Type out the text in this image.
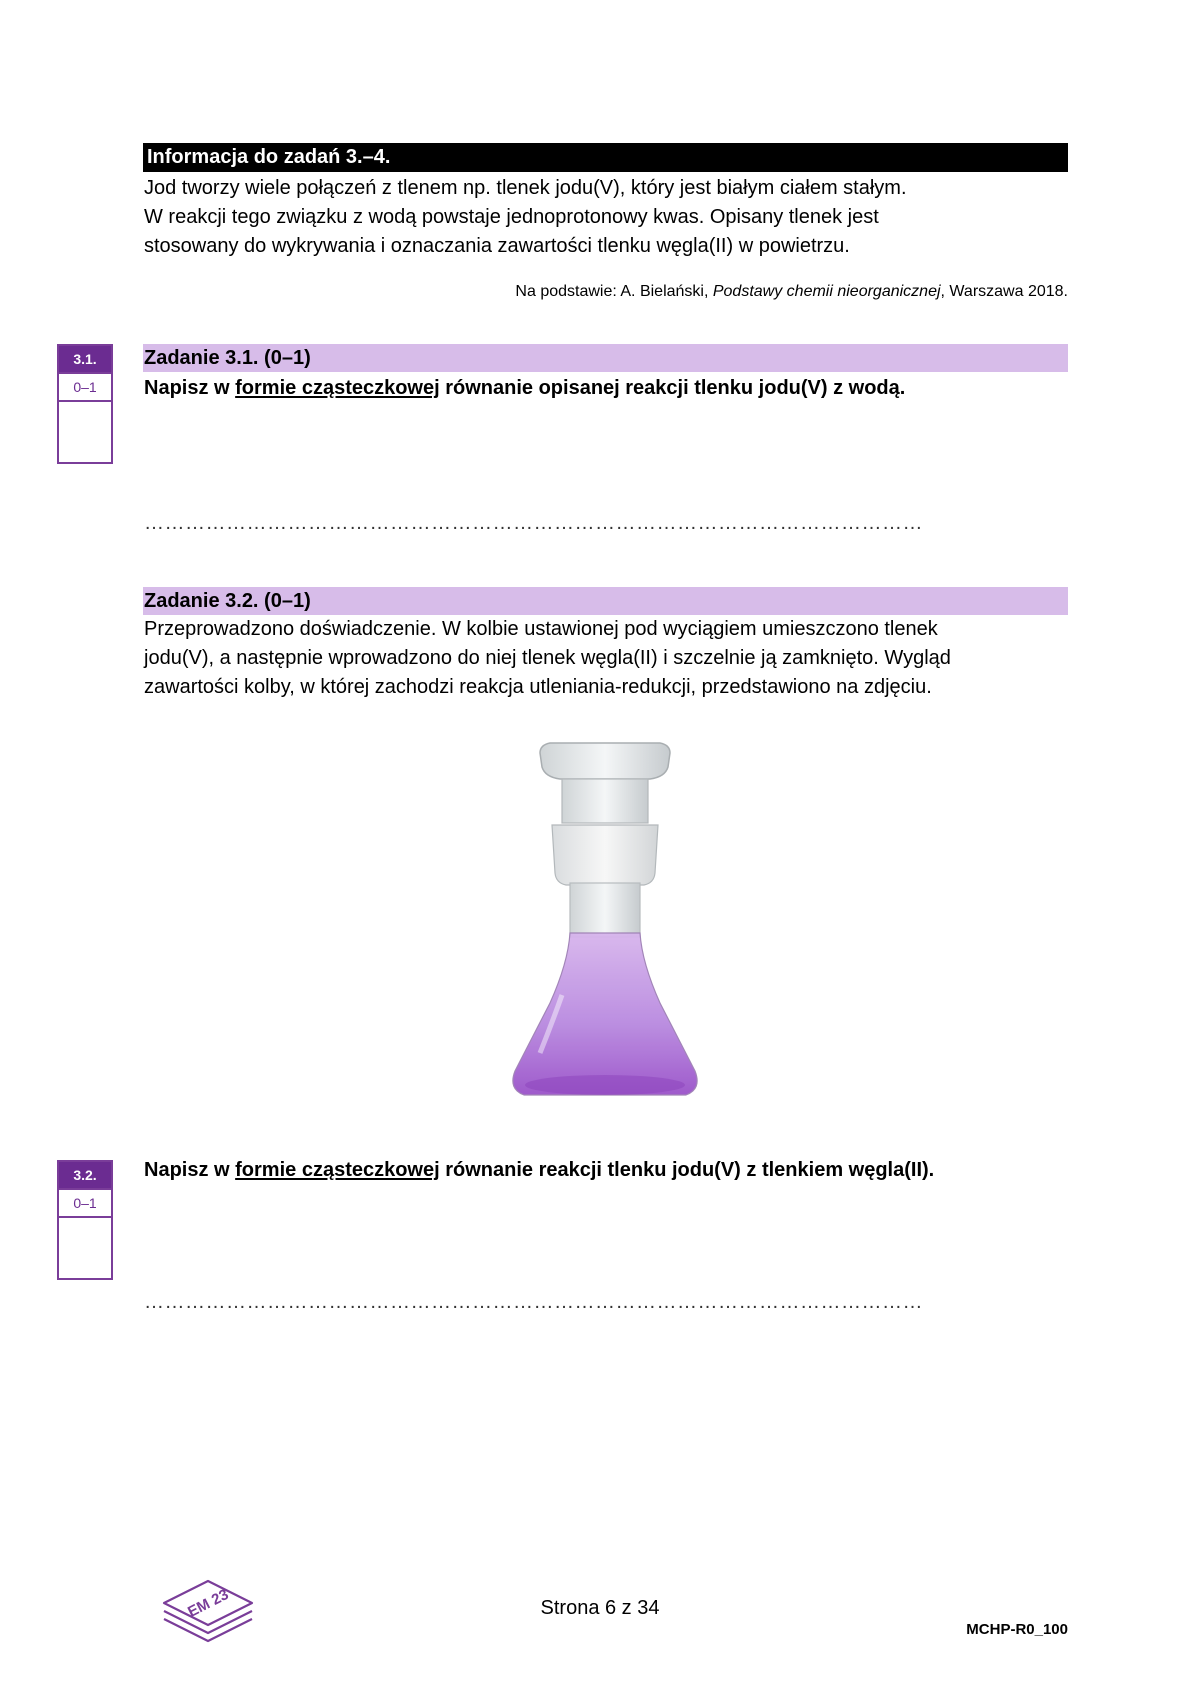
Informacja do zadań 3.–4.
Jod tworzy wiele połączeń z tlenem np. tlenek jodu(V), który jest białym ciałem stałym.
W reakcji tego związku z wodą powstaje jednoprotonowy kwas. Opisany tlenek jest
stosowany do wykrywania i oznaczania zawartości tlenku węgla(II) w powietrzu.
Na podstawie: A. Bielański, Podstawy chemii nieorganicznej, Warszawa 2018.
3.1.
0–1
Zadanie 3.1. (0–1)
Napisz w formie cząsteczkowej równanie opisanej reakcji tlenku jodu(V) z wodą.
……………………………………………………………………………………………………
Zadanie 3.2. (0–1)
Przeprowadzono doświadczenie. W kolbie ustawionej pod wyciągiem umieszczono tlenek
jodu(V), a następnie wprowadzono do niej tlenek węgla(II) i szczelnie ją zamknięto. Wygląd
zawartości kolby, w której zachodzi reakcja utleniania-redukcji, przedstawiono na zdjęciu.
3.2.
0–1
Napisz w formie cząsteczkowej równanie reakcji tlenku jodu(V) z tlenkiem węgla(II).
……………………………………………………………………………………………………
EM 23	Strona 6 z 34
MCHP-R0_100
